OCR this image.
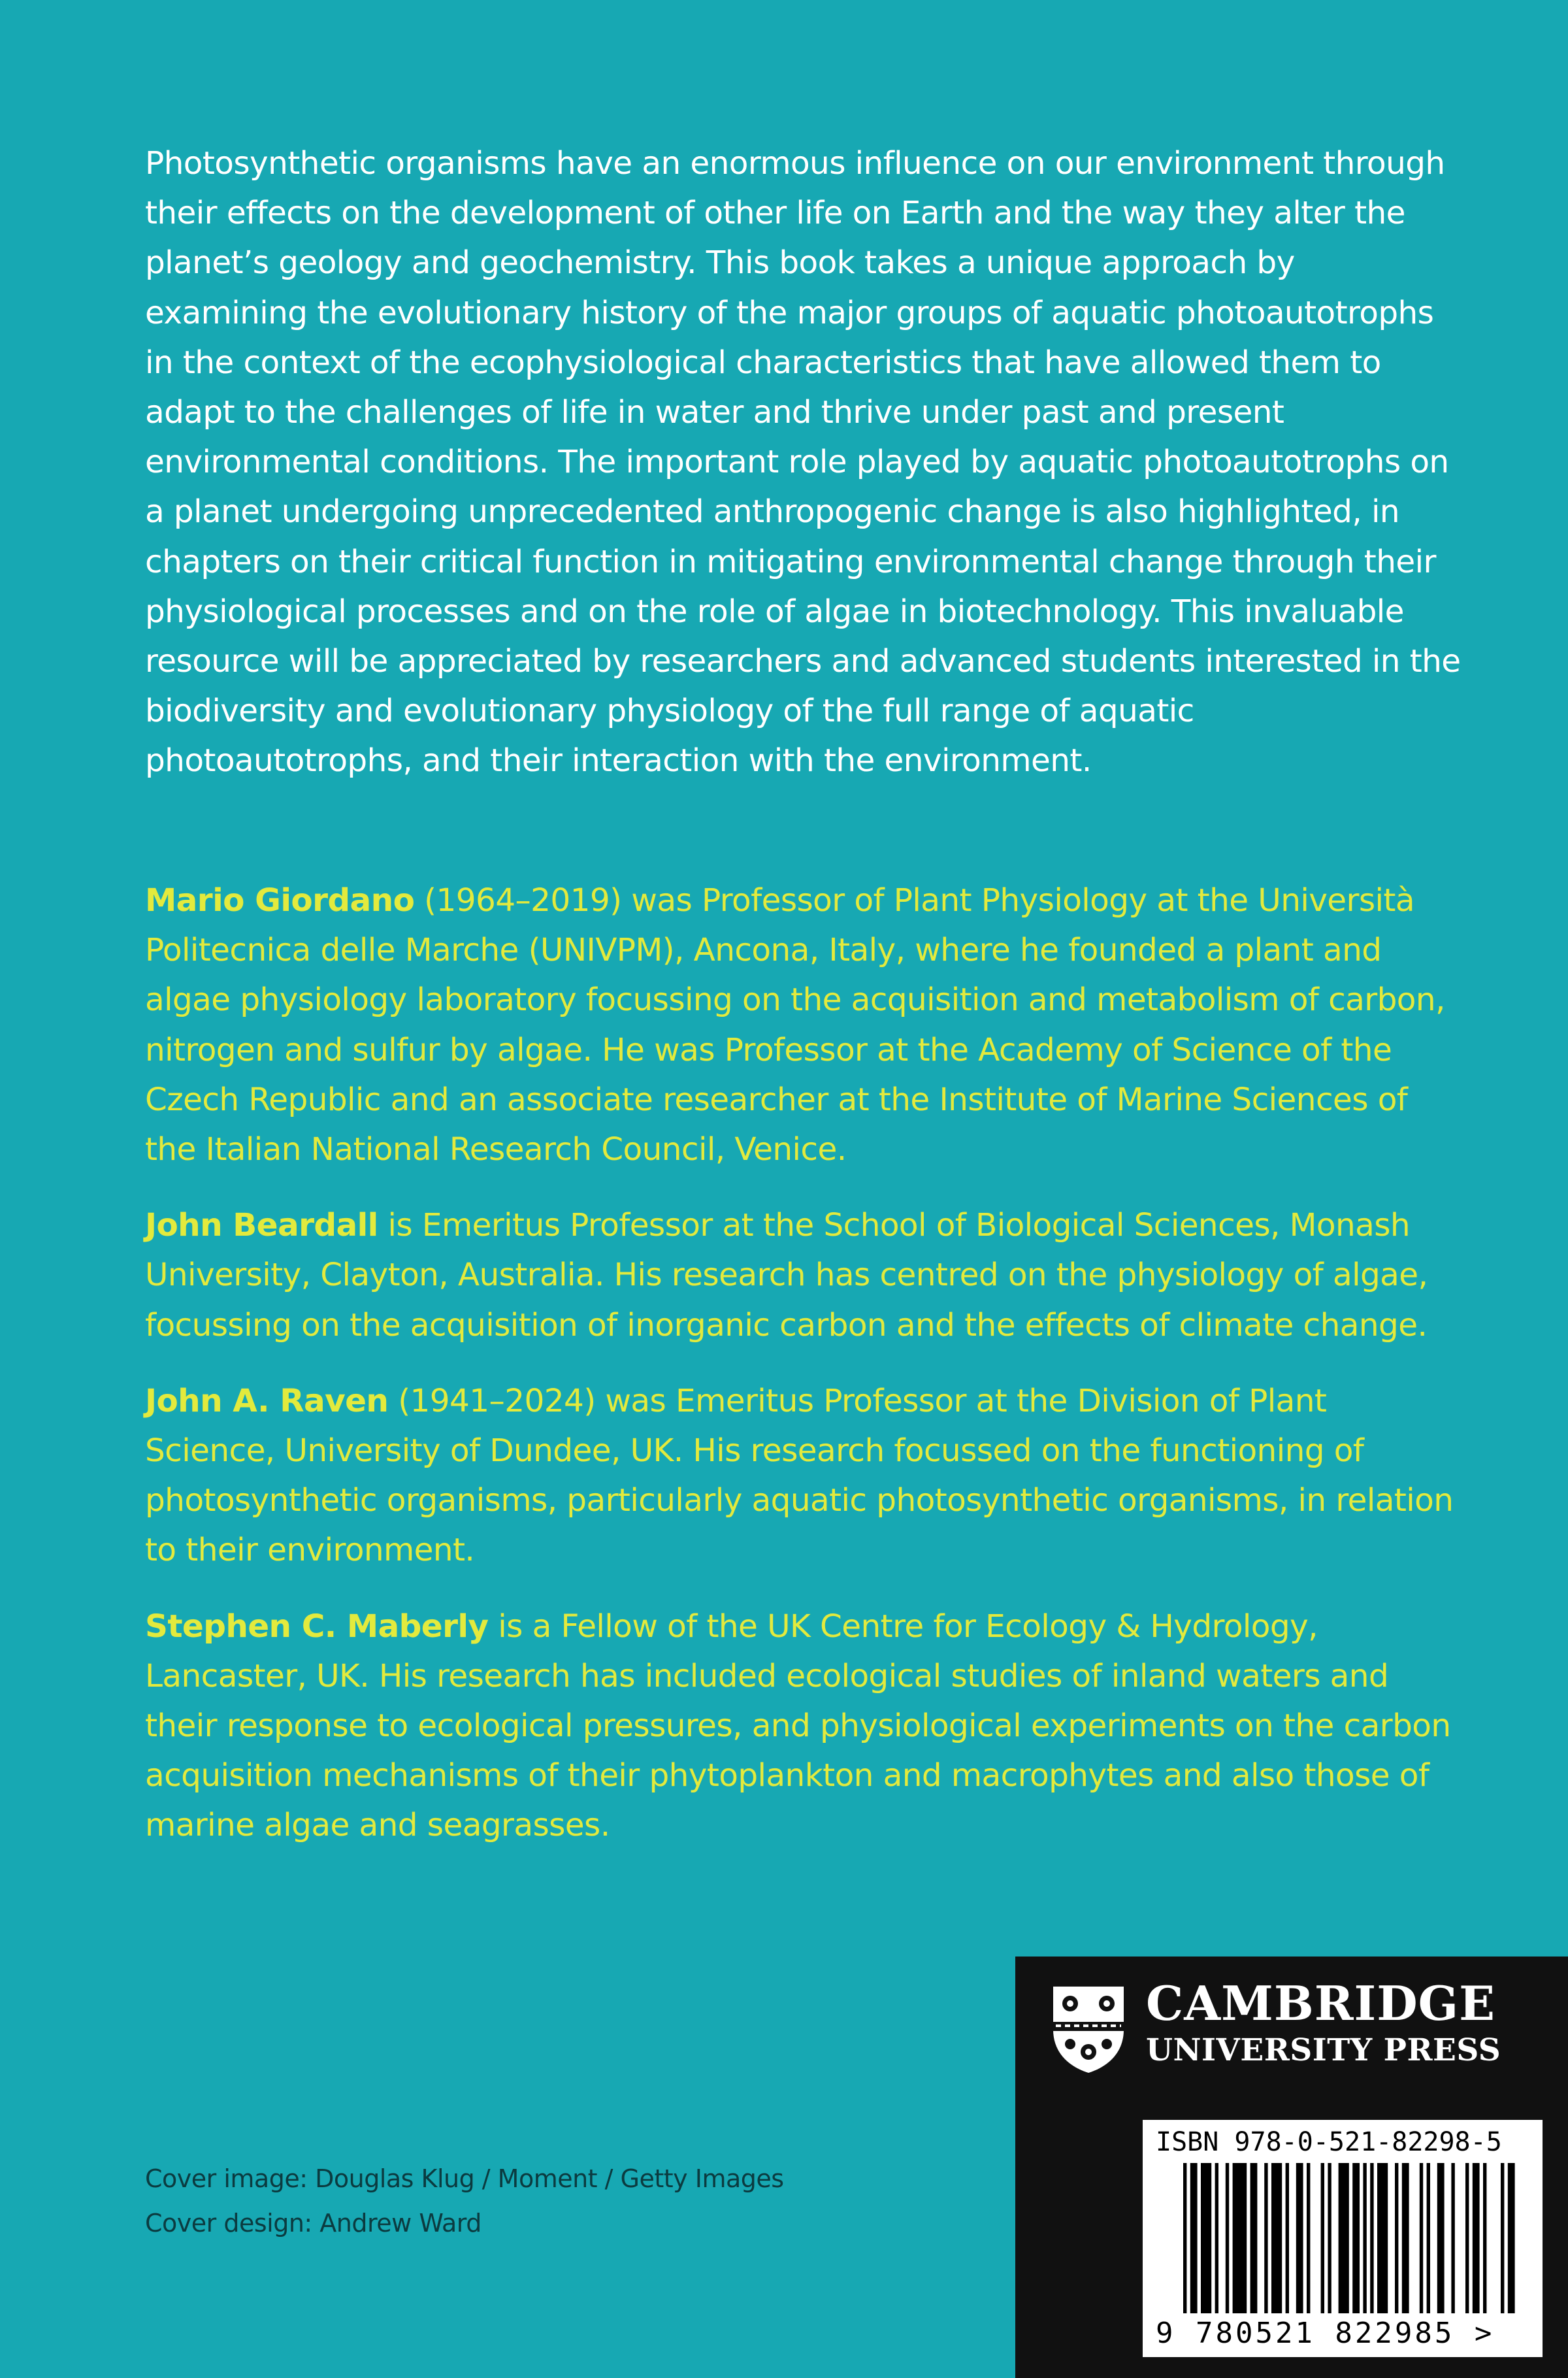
Photosynthetic organisms have an enormous influence on our environment through their effects on the development of other life on Earth and the way they alter the planet’s geology and geochemistry. This book takes a unique approach by examining the evolutionary history of the major groups of aquatic photoautotrophs in the context of the ecophysiological characteristics that have allowed them to adapt to the challenges of life in water and thrive under past and present environmental conditions. The important role played by aquatic photoautotrophs on a planet undergoing unprecedented anthropogenic change is also highlighted, in chapters on their critical function in mitigating environmental change through their physiological processes and on the role of algae in biotechnology. This invaluable resource will be appreciated by researchers and advanced students interested in the biodiversity and evolutionary physiology of the full range of aquatic photoautotrophs, and their interaction with the environment.

Mario Giordano (1964–2019) was Professor of Plant Physiology at the Università Politecnica delle Marche (UNIVPM), Ancona, Italy, where he founded a plant and algae physiology laboratory focussing on the acquisition and metabolism of carbon, nitrogen and sulfur by algae. He was Professor at the Academy of Science of the Czech Republic and an associate researcher at the Institute of Marine Sciences of the Italian National Research Council, Venice.

John Beardall is Emeritus Professor at the School of Biological Sciences, Monash University, Clayton, Australia. His research has centred on the physiology of algae, focussing on the acquisition of inorganic carbon and the effects of climate change.

John A. Raven (1941–2024) was Emeritus Professor at the Division of Plant Science, University of Dundee, UK. His research focussed on the functioning of photosynthetic organisms, particularly aquatic photosynthetic organisms, in relation to their environment.

Stephen C. Maberly is a Fellow of the UK Centre for Ecology & Hydrology, Lancaster, UK. His research has included ecological studies of inland waters and their response to ecological pressures, and physiological experiments on the carbon acquisition mechanisms of their phytoplankton and macrophytes and also those of marine algae and seagrasses.

Cover image: Douglas Klug / Moment / Getty Images
Cover design: Andrew Ward
CAMBRIDGE
UNIVERSITY PRESS
ISBN 978-0-521-82298-5
9 780521 822985 >
